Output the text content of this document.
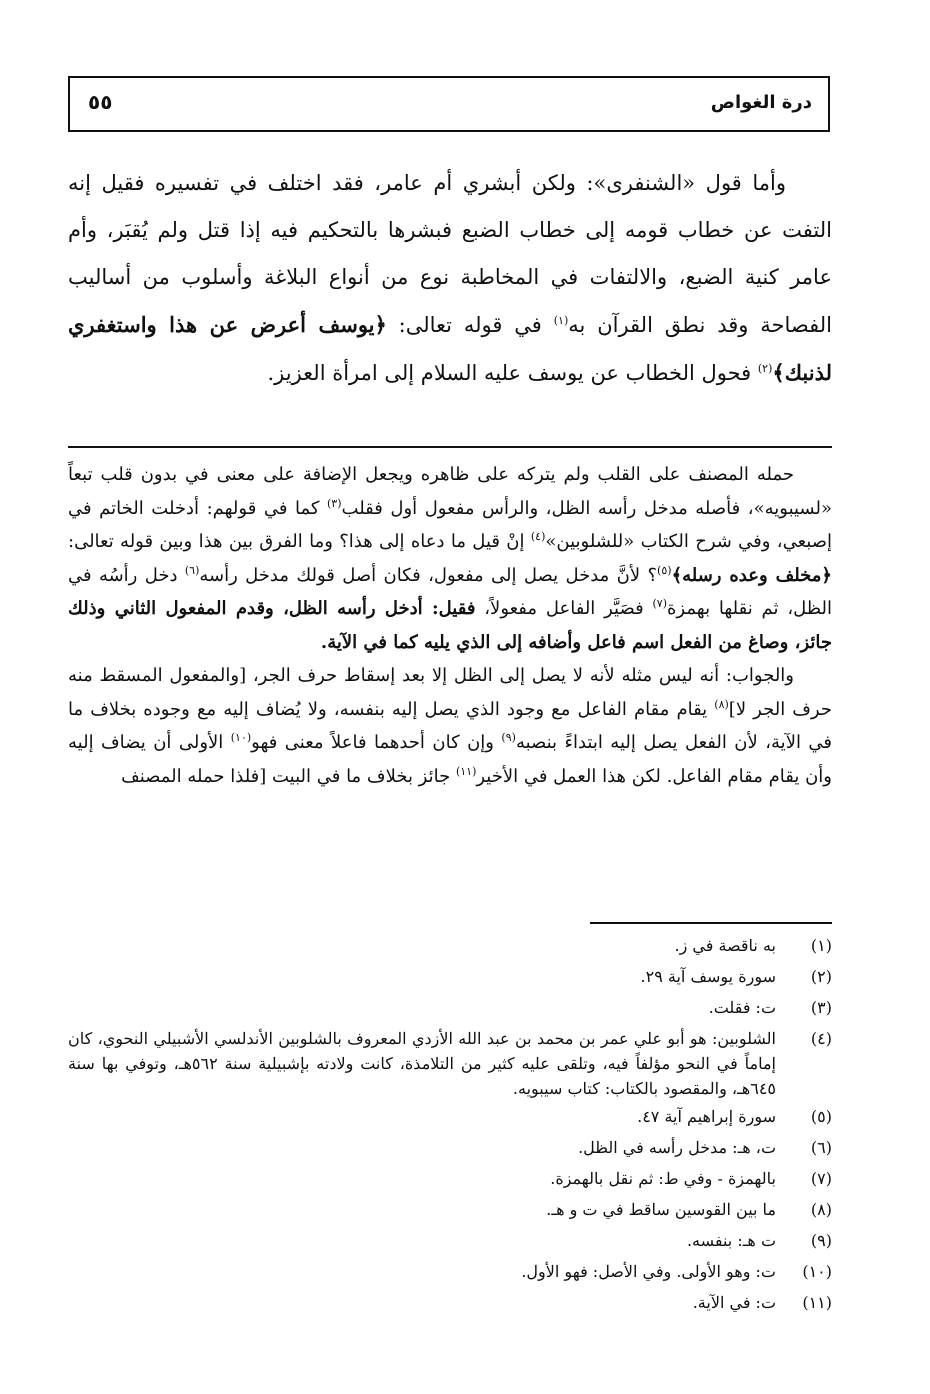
درة الغواص
٥٥

وأما قول «الشنفرى»: ولكن أبشري أم عامر، فقد اختلف في تفسيره فقيل إنه التفت عن خطاب قومه إلى خطاب الضبع فبشرها بالتحكيم فيه إذا قتل ولم يُقبَر، وأم عامر كنية الضبع، والالتفات في المخاطبة نوع من أنواع البلاغة وأسلوب من أساليب الفصاحة وقد نطق القرآن به$^{(١)}$ في قوله تعالى: ﴿يوسف أعرض عن هذا واستغفري لذنبك﴾$^{(٢)}$ فحول الخطاب عن يوسف عليه السلام إلى امرأة العزيز.

حمله المصنف على القلب ولم يتركه على ظاهره ويجعل الإضافة على معنى في بدون قلب تبعاً «لسيبويه»، فأصله مدخل رأسه الظل، والرأس مفعول أول فقلب$^{(٣)}$ كما في قولهم: أدخلت الخاتم في إصبعي، وفي شرح الكتاب «للشلوبين»$^{(٤)}$ إنْ قيل ما دعاه إلى هذا؟ وما الفرق بين هذا وبين قوله تعالى: ﴿مخلف وعده رسله﴾$^{(٥)}$؟ لأنَّ مدخل يصل إلى مفعول، فكان أصل قولك مدخل رأسه$^{(٦)}$ دخل رأسُه في الظل، ثم نقلها بهمزة$^{(٧)}$ فصَيَّر الفاعل مفعولاً، فقيل: أدخل رأسه الظل، وقدم المفعول الثاني وذلك جائز، وصاغ من الفعل اسم فاعل وأضافه إلى الذي يليه كما في الآية.

والجواب: أنه ليس مثله لأنه لا يصل إلى الظل إلا بعد إسقاط حرف الجر، [والمفعول المسقط منه حرف الجر لا]$^{(٨)}$ يقام مقام الفاعل مع وجود الذي يصل إليه بنفسه، ولا يُضاف إليه مع وجوده بخلاف ما في الآية، لأن الفعل يصل إليه ابتداءً بنصبه$^{(٩)}$ وإن كان أحدهما فاعلاً معنى فهو$^{(١٠)}$ الأولى أن يضاف إليه وأن يقام مقام الفاعل. لكن هذا العمل في الأخير$^{(١١)}$ جائز بخلاف ما في البيت [فلذا حمله المصنف

(١)
به ناقصة في ز.
(٢)
سورة يوسف آية ٢٩.
(٣)
ت: فقلت.
(٤)
الشلوبين: هو أبو علي عمر بن محمد بن عبد الله الأزدي المعروف بالشلوبين الأندلسي الأشبيلي النحوي، كان إماماً في النحو مؤلفاً فيه، وتلقى عليه كثير من التلامذة، كانت ولادته بإشبيلية سنة ٥٦٢هـ، وتوفي بها سنة ٦٤٥هـ، والمقصود بالكتاب: كتاب سيبويه.
(٥)
سورة إبراهيم آية ٤٧.
(٦)
ت، هـ: مدخل رأسه في الظل.
(٧)
بالهمزة - وفي ط: ثم نقل بالهمزة.
(٨)
ما بين القوسين ساقط في ت و هـ.
(٩)
ت هـ: بنفسه.
(١٠)
ت: وهو الأولى. وفي الأصل: فهو الأول.
(١١)
ت: في الآية.
